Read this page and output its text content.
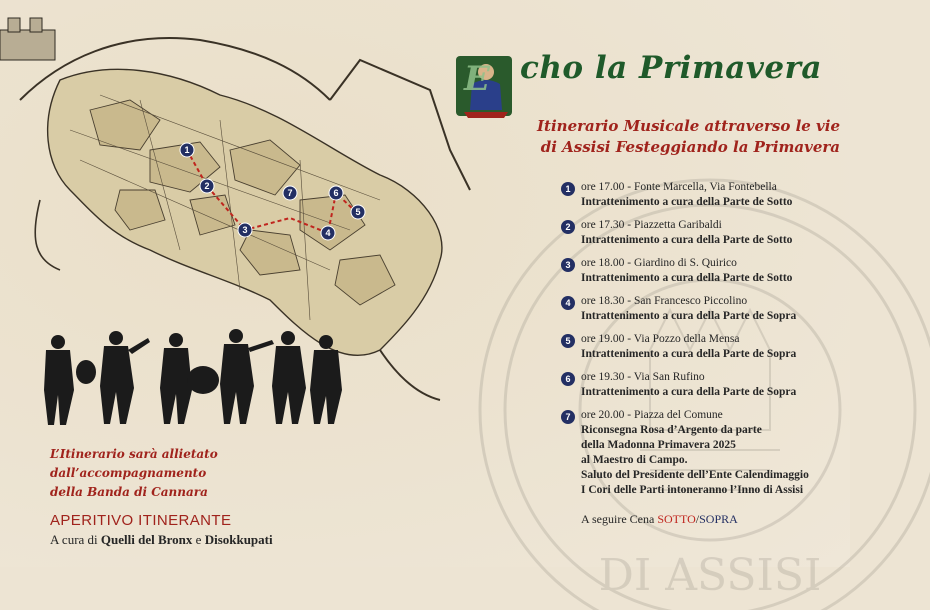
DI ASSISI
1
2
3	4
5
6
7
E cho la Primavera
Itinerario Musicale attraverso le vie
di Assisi Festeggiando la Primavera
1 ore 17.00 - Fonte Marcella, Via Fontebella
Intrattenimento a cura della Parte de Sotto
2 ore 17.30 - Piazzetta Garibaldi
Intrattenimento a cura della Parte de Sotto
3 ore 18.00 - Giardino di S. Quirico
Intrattenimento a cura della Parte de Sotto
4 ore 18.30 - San Francesco Piccolino
Intrattenimento a cura della Parte de Sopra
5 ore 19.00 - Via Pozzo della Mensa
Intrattenimento a cura della Parte de Sopra
6 ore 19.30 - Via San Rufino
Intrattenimento a cura della Parte de Sopra
7 ore 20.00 - Piazza del Comune
Riconsegna Rosa d’Argento da parte
della Madonna Primavera 2025
al Maestro di Campo.
Saluto del Presidente dell’Ente Calendimaggio
I Cori delle Parti intoneranno l’Inno di Assisi
A seguire Cena SOTTO/SOPRA
L’Itinerario sarà allietato dall’accompagnamento
della Banda di Cannara
APERITIVO ITINERANTE
A cura di Quelli del Bronx e Disokkupati
